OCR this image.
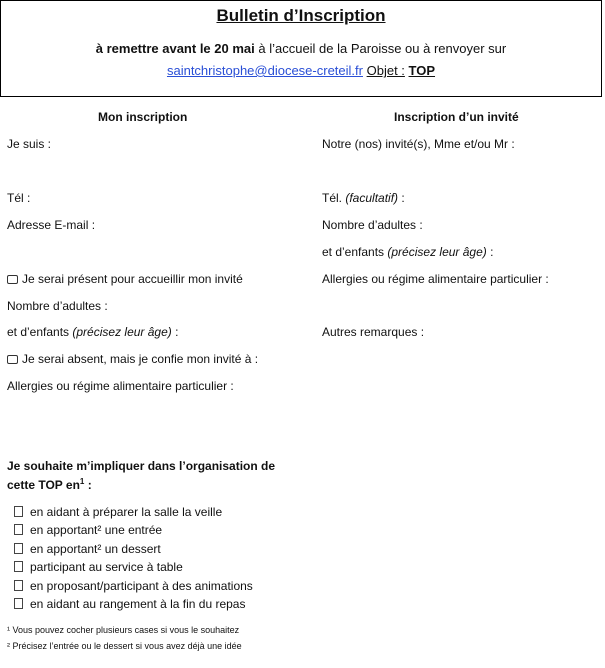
Bulletin d’Inscription
à remettre avant le 20 mai à l’accueil de la Paroisse ou à renvoyer sur
saintchristophe@diocese-creteil.fr Objet : TOP
Mon inscription
Je suis :
Tél :
Adresse E-mail :
Je serai présent pour accueillir mon invité
Nombre d’adultes :
et d’enfants (précisez leur âge) :
Je serai absent, mais je confie mon invité à :
Allergies ou régime alimentaire particulier :
Inscription d’un invité
Notre (nos) invité(s), Mme et/ou Mr :
Tél. (facultatif) :
Nombre d’adultes :
et d’enfants (précisez leur âge) :
Allergies ou régime alimentaire particulier :
Autres remarques :
Je souhaite m’impliquer dans l’organisation de
cette TOP $en^1$ :
en aidant à préparer la salle la veille
en apportant² une entrée
en apportant² un dessert
participant au service à table
en proposant/participant à des animations
en aidant au rangement à la fin du repas
¹ Vous pouvez cocher plusieurs cases si vous le souhaitez
² Précisez l’entrée ou le dessert si vous avez déjà une idée
